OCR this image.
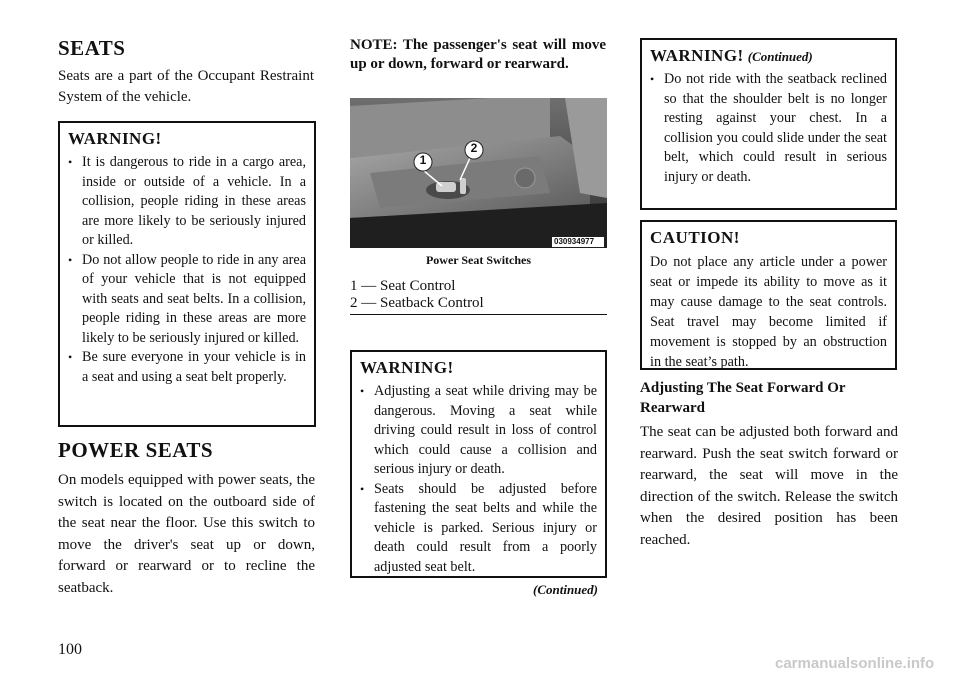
SEATS
Seats are a part of the Occupant Restraint System of the vehicle.
WARNING!
• It is dangerous to ride in a cargo area, inside or outside of a vehicle. In a collision, people riding in these areas are more likely to be seriously injured or killed.
• Do not allow people to ride in any area of your vehicle that is not equipped with seats and seat belts. In a collision, people riding in these areas are more likely to be seriously injured or killed.
• Be sure everyone in your vehicle is in a seat and using a seat belt properly.
POWER SEATS
On models equipped with power seats, the switch is located on the outboard side of the seat near the floor. Use this switch to move the driver's seat up or down, forward or rearward or to recline the seatback.
NOTE: The passenger's seat will move up or down, forward or rearward.
1
2
030934977
Power Seat Switches
1 — Seat Control
2 — Seatback Control
WARNING!
• Adjusting a seat while driving may be dangerous. Moving a seat while driving could result in loss of control which could cause a collision and serious injury or death.
• Seats should be adjusted before fastening the seat belts and while the vehicle is parked. Serious injury or death could result from a poorly adjusted seat belt.
(Continued)
WARNING! (Continued)
• Do not ride with the seatback reclined so that the shoulder belt is no longer resting against your chest. In a collision you could slide under the seat belt, which could result in serious injury or death.
CAUTION!
Do not place any article under a power seat or impede its ability to move as it may cause damage to the seat controls. Seat travel may become limited if movement is stopped by an obstruction in the seat’s path.
Adjusting The Seat Forward Or Rearward
The seat can be adjusted both forward and rearward. Push the seat switch forward or rearward, the seat will move in the direction of the switch. Release the switch when the desired position has been reached.
100
carmanualsonline.info
